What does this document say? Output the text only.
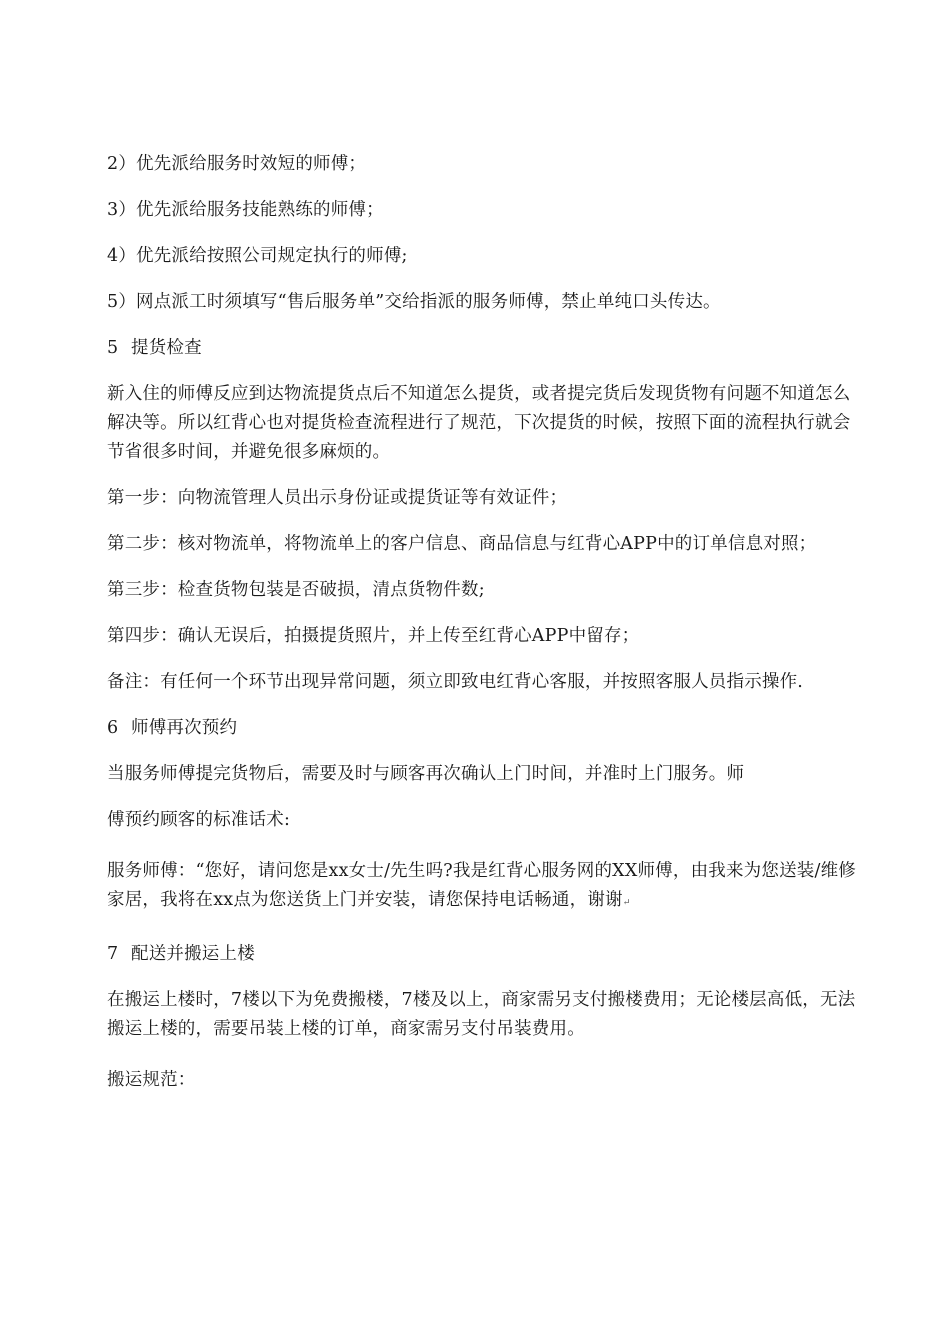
2）优先派给服务时效短的师傅；

3）优先派给服务技能熟练的师傅；

4）优先派给按照公司规定执行的师傅;

5）网点派工时须填写“售后服务单”交给指派的服务师傅，禁止单纯口头传达。

5 提货检查

新入住的师傅反应到达物流提货点后不知道怎么提货，或者提完货后发现货物有问题不知道怎么解决等。所以红背心也对提货检查流程进行了规范，下次提货的时候，按照下面的流程执行就会节省很多时间，并避免很多麻烦的。

第一步：向物流管理人员出示身份证或提货证等有效证件；

第二步：核对物流单，将物流单上的客户信息、商品信息与红背心APP中的订单信息对照；

第三步：检查货物包装是否破损，清点货物件数;

第四步：确认无误后，拍摄提货照片，并上传至红背心APP中留存；

备注：有任何一个环节出现异常问题，须立即致电红背心客服，并按照客服人员指示操作.

6 师傅再次预约

当服务师傅提完货物后，需要及时与顾客再次确认上门时间，并准时上门服务。师

傅预约顾客的标准话术:

服务师傅：“您好，请问您是xx女士/先生吗?我是红背心服务网的XX师傅，由我来为您送装/维修家居，我将在xx点为您送货上门并安装，请您保持电话畅通，谢谢↵

7 配送并搬运上楼

在搬运上楼时，7楼以下为免费搬楼，7楼及以上，商家需另支付搬楼费用；无论楼层高低，无法搬运上楼的，需要吊装上楼的订单，商家需另支付吊装费用。

搬运规范：
